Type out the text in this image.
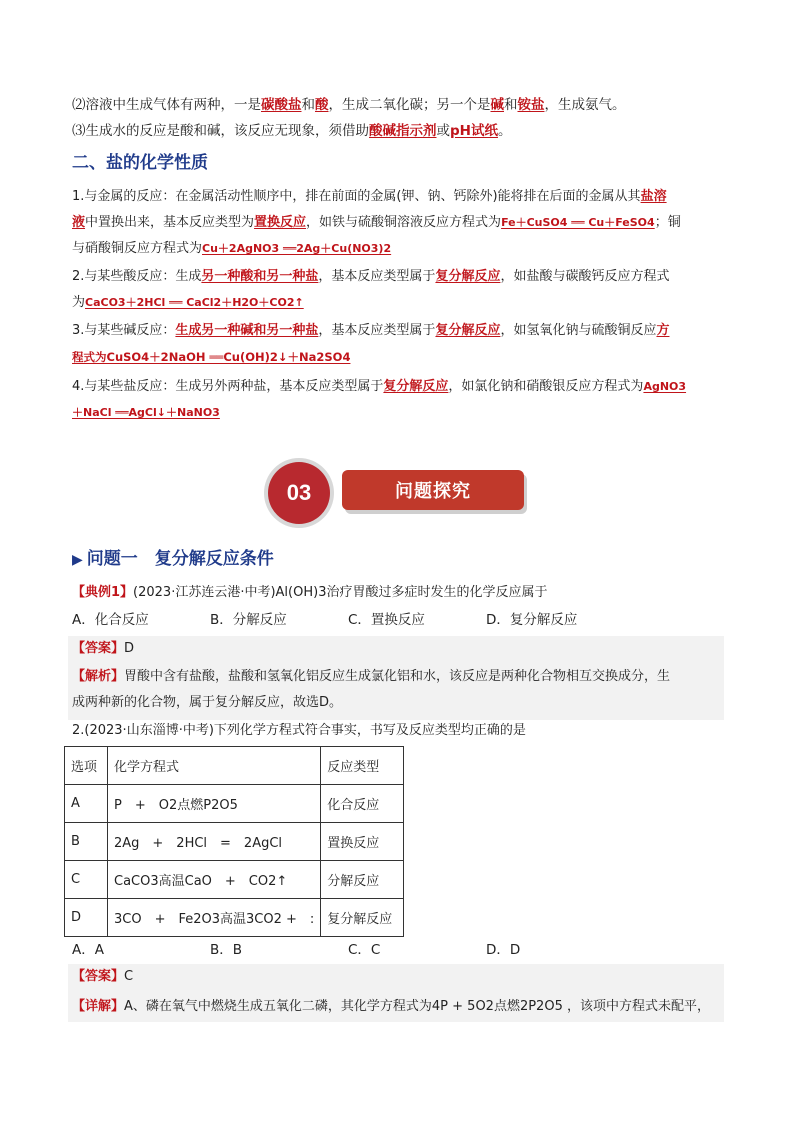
⑵溶液中生成气体有两种，一是碳酸盐和酸，生成二氧化碳；另一个是碱和铵盐，生成氨气。
⑶生成水的反应是酸和碱，该反应无现象，须借助酸碱指示剂或pH试纸。
二、盐的化学性质
1.与金属的反应：在金属活动性顺序中，排在前面的金属(钾、钠、钙除外)能将排在后面的金属从其盐溶
液中置换出来，基本反应类型为置换反应，如铁与硫酸铜溶液反应方程式为Fe＋CuSO4 ══ Cu＋FeSO4；铜
与硝酸铜反应方程式为Cu＋2AgNO3 ══2Ag＋Cu(NO3)2
2.与某些酸反应：生成另一种酸和另一种盐，基本反应类型属于复分解反应，如盐酸与碳酸钙反应方程式
为CaCO3＋2HCl ══ CaCl2＋H2O＋CO2↑
3.与某些碱反应：生成另一种碱和另一种盐，基本反应类型属于复分解反应，如氢氧化钠与硫酸铜反应方
程式为CuSO4＋2NaOH ══Cu(OH)2↓＋Na2SO4
4.与某些盐反应：生成另外两种盐，基本反应类型属于复分解反应，如氯化钠和硝酸银反应方程式为AgNO3
＋NaCl ══AgCl↓＋NaNO3
03	问题探究
▶ 问题一　复分解反应条件
【典例1】(2023·江苏连云港·中考)Al(OH)3治疗胃酸过多症时发生的化学反应属于
A．化合反应	B．分解反应	C．置换反应	D．复分解反应
【答案】D
【解析】胃酸中含有盐酸，盐酸和氢氧化铝反应生成氯化铝和水，该反应是两种化合物相互交换成分，生
成两种新的化合物，属于复分解反应，故选D。
2.(2023·山东淄博·中考)下列化学方程式符合事实，书写及反应类型均正确的是
选项	化学方程式	反应类型
A	P　+　O2点燃P2O5	化合反应
B	2Ag　+　2HCl　=　2AgCl	置换反应
C	CaCO3高温CaO　+　CO2↑	分解反应
D	3CO　+　Fe2O3高温3CO2 +　:	复分解反应
A．A	B．B	C．C	D．D
【答案】C
【详解】A、磷在氧气中燃烧生成五氧化二磷，其化学方程式为4P + 5O2点燃2P2O5 ，该项中方程式未配平，
